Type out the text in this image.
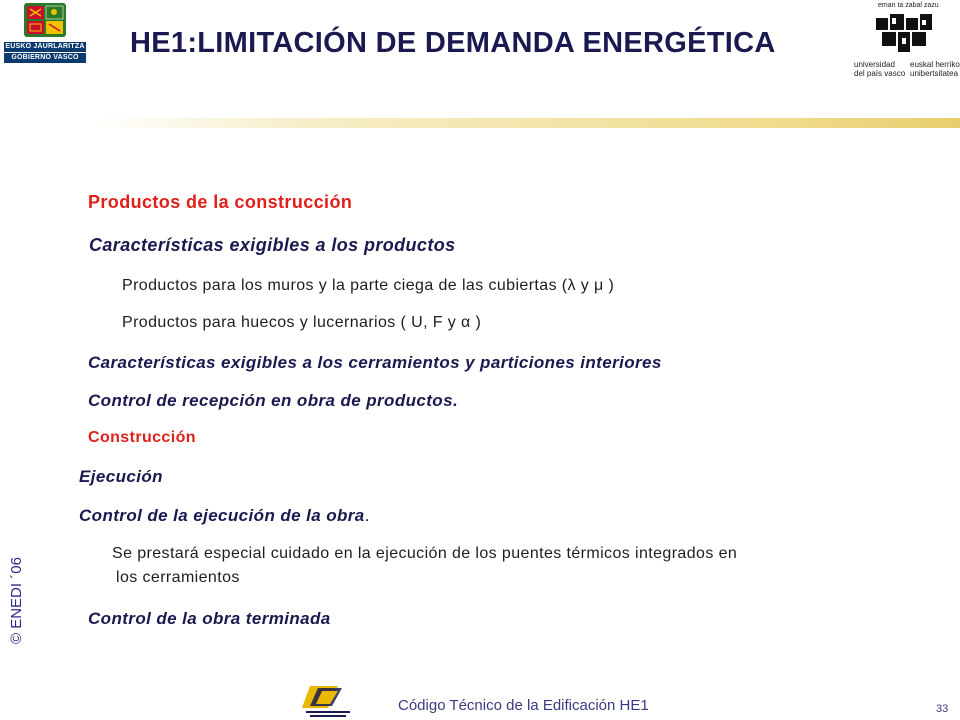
EUSKO JAURLARITZA
GOBIERNO VASCO HE1:LIMITACIÓN DE DEMANDA ENERGÉTICA
eman ta zabal zazu
universidad
del país vasco
euskal herriko
unibertsitatea
Productos de la construcción
Características exigibles a los productos
Productos para los muros y la parte ciega de las cubiertas (λ y μ )
Productos para huecos y lucernarios ( U, F y α )
Características exigibles a los cerramientos y particiones interiores
Control de recepción en obra de productos.
Construcción
Ejecución
Control de la ejecución de la obra.
Se prestará especial cuidado en la ejecución de los puentes térmicos integrados en
los cerramientos
Control de la obra terminada
© ENEDI ´06
Código Técnico de la Edificación HE1	33
